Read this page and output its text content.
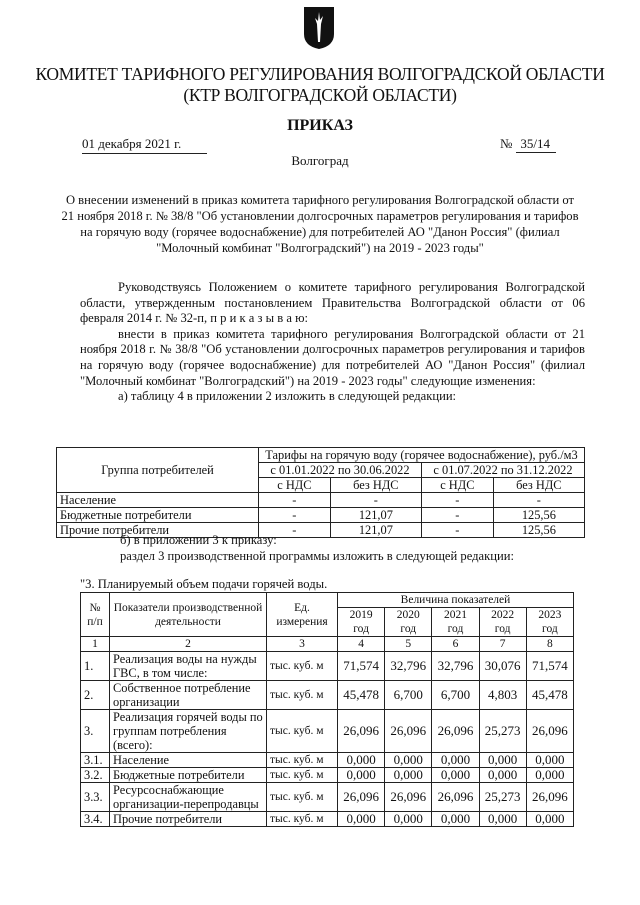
КОМИТЕТ ТАРИФНОГО РЕГУЛИРОВАНИЯ ВОЛГОГРАДСКОЙ ОБЛАСТИ
(КТР ВОЛГОГРАДСКОЙ ОБЛАСТИ)
ПРИКАЗ
01 декабря 2021 г.	№ 35/14
Волгоград
О внесении изменений в приказ комитета тарифного регулирования Волгоградской области от 21 ноября 2018 г. № 38/8 "Об установлении долгосрочных параметров регулирования и тарифов на горячую воду (горячее водоснабжение) для потребителей АО "Данон Россия" (филиал "Молочный комбинат "Волгоградский") на 2019 - 2023 годы"

Руководствуясь Положением о комитете тарифного регулирования Волгоградской области, утвержденным постановлением Правительства Волгоградской области от 06 февраля 2014 г. № 32-п, п р и к а з ы в а ю:

внести в приказ комитета тарифного регулирования Волгоградской области от 21 ноября 2018 г. № 38/8 "Об установлении долгосрочных параметров регулирования и тарифов на горячую воду (горячее водоснабжение) для потребителей АО "Данон Россия" (филиал "Молочный комбинат "Волгоградский") на 2019 - 2023 годы" следующие изменения:

а) таблицу 4 в приложении 2 изложить в следующей редакции:

Группа потребителей	Тарифы на горячую воду (горячее водоснабжение), руб./м3			
	с 01.01.2022 по 30.06.2022		с 01.07.2022 по 31.12.2022	
	с НДС	без НДС	с НДС	без НДС
Население	-	-	-	-
Бюджетные потребители	-	121,07	-	125,56
Прочие потребители	-	121,07	-	125,56
б) в приложении 3 к приказу:
раздел 3 производственной программы изложить в следующей редакции:
"3. Планируемый объем подачи горячей воды.
№ п/п	Показатели производственной деятельности	Ед. измерения	Величина показателей				
			2019 год	2020 год	2021 год	2022 год	2023 год
1	2	3	4	5	6	7	8
1.	Реализация воды на нужды ГВС, в том числе:	тыс. куб. м	71,574	32,796	32,796	30,076	71,574
2.	Собственное потребление организации	тыс. куб. м	45,478	6,700	6,700	4,803	45,478
3.	Реализация горячей воды по группам потребления (всего):	тыс. куб. м	26,096	26,096	26,096	25,273	26,096
3.1.	Население	тыс. куб. м	0,000	0,000	0,000	0,000	0,000
3.2.	Бюджетные потребители	тыс. куб. м	0,000	0,000	0,000	0,000	0,000
3.3.	Ресурсоснабжающие организации-перепродавцы	тыс. куб. м	26,096	26,096	26,096	25,273	26,096
3.4.	Прочие потребители	тыс. куб. м	0,000	0,000	0,000	0,000	0,000
